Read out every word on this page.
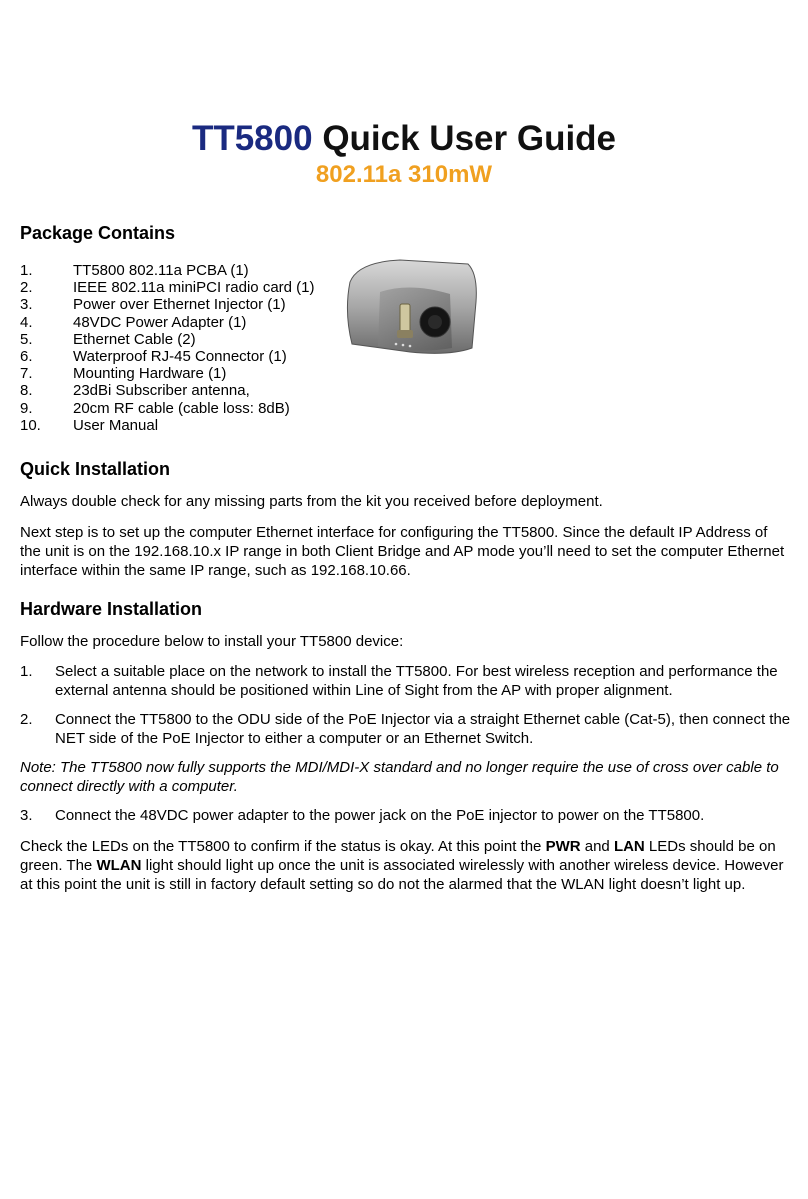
TT5800 Quick User Guide
802.11a 310mW
Package Contains
1.	TT5800 802.11a PCBA (1)
2.	IEEE 802.11a miniPCI radio card (1)
3.	Power over Ethernet Injector (1)
4.	48VDC Power Adapter (1)
5.	Ethernet Cable (2)
6.	Waterproof RJ-45 Connector (1)
7.	Mounting Hardware (1)
8.	23dBi Subscriber antenna,
9.	20cm RF cable (cable loss: 8dB)
10.	User Manual
Quick Installation

Always double check for any missing parts from the kit you received before deployment.

Next step is to set up the computer Ethernet interface for configuring the TT5800. Since the default IP Address of the unit is on the 192.168.10.x IP range in both Client Bridge and AP mode you’ll need to set the computer Ethernet interface within the same IP range, such as 192.168.10.66.

Hardware Installation

Follow the procedure below to install your TT5800 device:

1. Select a suitable place on the network to install the TT5800. For best wireless reception and performance the external antenna should be positioned within Line of Sight from the AP with proper alignment.
2. Connect the TT5800 to the ODU side of the PoE Injector via a straight Ethernet cable (Cat-5), then connect the NET side of the PoE Injector to either a computer or an Ethernet Switch.

Note: The TT5800 now fully supports the MDI/MDI-X standard and no longer require the use of cross over cable to connect directly with a computer.

3. Connect the 48VDC power adapter to the power jack on the PoE injector to power on the TT5800.

Check the LEDs on the TT5800 to confirm if the status is okay. At this point the PWR and LAN LEDs should be on green. The WLAN light should light up once the unit is associated wirelessly with another wireless device. However at this point the unit is still in factory default setting so do not the alarmed that the WLAN light doesn’t light up.
